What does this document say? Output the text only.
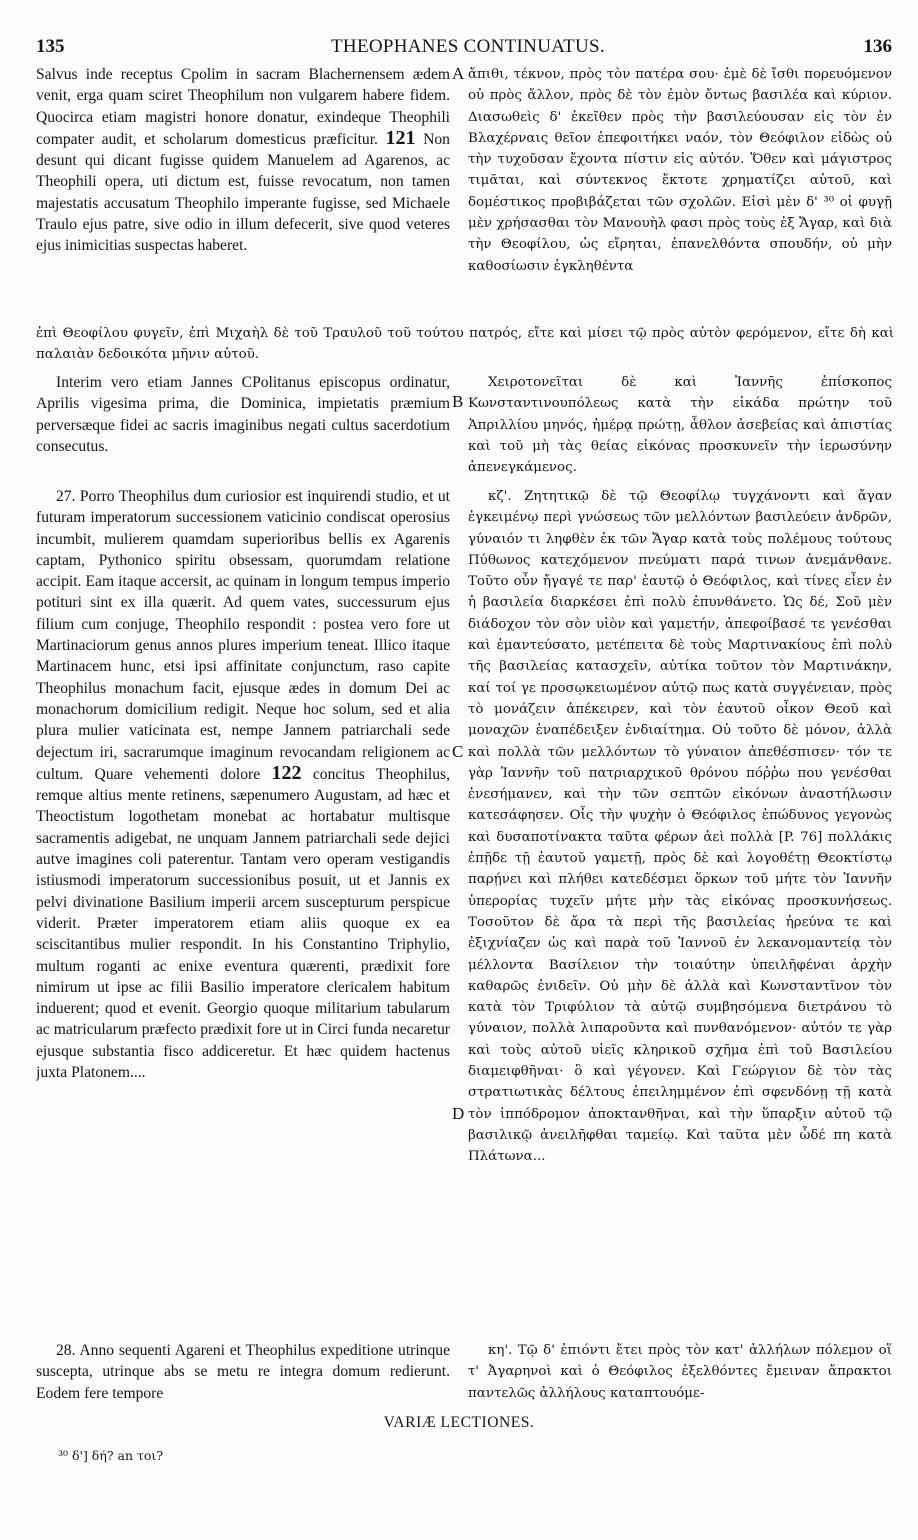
135	THEOPHANES CONTINUATUS.	136

Salvus inde receptus Cpolim in sacram Blachernensem ædem venit, erga quam sciret Theophilum non vulgarem habere fidem. Quocirca etiam magistri honore donatur, exindeque Theophili compater audit, et scholarum domesticus præficitur. 121 Non desunt qui dicant fugisse quidem Manuelem ad Agarenos, ac Theophili opera, uti dictum est, fuisse revocatum, non tamen majestatis accusatum Theophilo imperante fugisse, sed Michaele Traulo ejus patre, sive odio in illum defecerit, sive quod veteres ejus inimicitias suspectas haberet.

ἄπιθι, τέκνον, πρὸς τὸν πατέρα σου· ἐμὲ δὲ ἴσθι πορευόμενον οὐ πρὸς ἄλλον, πρὸς δὲ τὸν ἐμὸν ὄντως βασιλέα καὶ κύριον. Διασωθεὶς δ' ἐκεῖθεν πρὸς τὴν βασιλεύουσαν εἰς τὸν ἐν Βλαχέρναις θεῖον ἐπεφοιτήκει ναόν, τὸν Θεόφιλον εἰδὼς οὐ τὴν τυχοῦσαν ἔχοντα πίστιν εἰς αὐτόν. Ὅθεν καὶ μάγιστρος τιμᾶται, καὶ σύντεκνος ἔκτοτε χρηματίζει αὐτοῦ, καὶ δομέστικος προβιβάζεται τῶν σχολῶν. Εἰσὶ μὲν δ' ³⁰ οἱ φυγῇ μὲν χρήσασθαι τὸν Μανουὴλ φασι πρὸς τοὺς ἐξ Ἄγαρ, καὶ διὰ τὴν Θεοφίλου, ὡς εἴρηται, ἐπανελθόντα σπουδήν, οὐ μὴν καθοσίωσιν ἐγκληθέντα

ἐπὶ Θεοφίλου φυγεῖν, ἐπὶ Μιχαὴλ δὲ τοῦ Τραυλοῦ τοῦ τούτου πατρός, εἴτε καὶ μίσει τῷ πρὸς αὐτὸν φερόμενον, εἴτε δὴ καὶ παλαιὰν δεδοικότα μῆνιν αὐτοῦ.

Interim vero etiam Jannes CPolitanus episcopus ordinatur, Aprilis vigesima prima, die Dominica, impietatis præmium perversæque fidei ac sacris imaginibus negati cultus sacerdotium consecutus.

Χειροτονεῖται δὲ καὶ Ἰαννῆς ἐπίσκοπος Κωνσταντινουπόλεως κατὰ τὴν εἰκάδα πρώτην τοῦ Ἀπριλλίου μηνός, ἡμέρᾳ πρώτῃ, ἆθλον ἀσεβείας καὶ ἀπιστίας καὶ τοῦ μὴ τὰς θείας εἰκόνας προσκυνεῖν τὴν ἱερωσύνην ἀπενεγκάμενος.

27. Porro Theophilus dum curiosior est inquirendi studio, et ut futuram imperatorum successionem vaticinio condiscat operosius incumbit, mulierem quamdam superioribus bellis ex Agarenis captam, Pythonico spiritu obsessam, quorumdam relatione accipit. Eam itaque accersit, ac quinam in longum tempus imperio potituri sint ex illa quærit. Ad quem vates, successurum ejus filium cum conjuge, Theophilo respondit : postea vero fore ut Martinaciorum genus annos plures imperium teneat. Illico itaque Martinacem hunc, etsi ipsi affinitate conjunctum, raso capite Theophilus monachum facit, ejusque ædes in domum Dei ac monachorum domicilium redigit. Neque hoc solum, sed et alia plura mulier vaticinata est, nempe Jannem patriarchali sede dejectum iri, sacrarumque imaginum revocandam religionem ac cultum. Quare vehementi dolore 122 concitus Theophilus, remque altius mente retinens, sæpenumero Augustam, ad hæc et Theoctistum logothetam monebat ac hortabatur multisque sacramentis adigebat, ne unquam Jannem patriarchali sede dejici autve imagines coli paterentur. Tantam vero operam vestigandis istiusmodi imperatorum successionibus posuit, ut et Jannis ex pelvi divinatione Basilium imperii arcem suscepturum perspicue viderit. Præter imperatorem etiam aliis quoque ex ea sciscitantibus mulier respondit. In his Constantino Triphylio, multum roganti ac enixe eventura quærenti, prædixit fore nimirum ut ipse ac filii Basilio imperatore clericalem habitum induerent; quod et evenit. Georgio quoque militarium tabularum ac matricularum præfecto prædixit fore ut in Circi funda necaretur ejusque substantia fisco addiceretur. Et hæc quidem hactenus juxta Platonem....

κζ'. Ζητητικῷ δὲ τῷ Θεοφίλῳ τυγχάνοντι καὶ ἄγαν ἐγκειμένῳ περὶ γνώσεως τῶν μελλόντων βασιλεύειν ἀνδρῶν, γύναιόν τι ληφθὲν ἐκ τῶν Ἄγαρ κατὰ τοὺς πολέμους τούτους Πύθωνος κατεχόμενον πνεύματι παρά τινων ἀνεμάνθανε. Τοῦτο οὖν ἤγαγέ τε παρ' ἑαυτῷ ὁ Θεόφιλος, καὶ τίνες εἶεν ἐν ἡ βασιλεία διαρκέσει ἐπὶ πολὺ ἐπυνθάνετο. Ὡς δέ, Σοῦ μὲν διάδοχον τὸν σὸν υἱὸν καὶ γαμετήν, ἀπεφοίβασέ τε γενέσθαι καὶ ἐμαντεύσατο, μετέπειτα δὲ τοὺς Μαρτινακίους ἐπὶ πολὺ τῆς βασιλείας κατασχεῖν, αὐτίκα τοῦτον τὸν Μαρτινάκην, καί τοί γε προσῳκειωμένον αὐτῷ πως κατὰ συγγένειαν, πρὸς τὸ μονάζειν ἀπέκειρεν, καὶ τὸν ἑαυτοῦ οἶκον Θεοῦ καὶ μοναχῶν ἐναπέδειξεν ἐνδιαίτημα. Οὐ τοῦτο δὲ μόνον, ἀλλὰ καὶ πολλὰ τῶν μελλόντων τὸ γύναιον ἀπεθέσπισεν· τόν τε γὰρ Ἰαννῆν τοῦ πατριαρχικοῦ θρόνου πόῤῥω που γενέσθαι ἐνεσήμανεν, καὶ τὴν τῶν σεπτῶν εἰκόνων ἀναστήλωσιν κατεσάφησεν. Οἷς τὴν ψυχὴν ὁ Θεόφιλος ἐπώδυνος γεγονὼς καὶ δυσαποτίνακτα ταῦτα φέρων ἀεὶ πολλὰ [P. 76] πολλάκις ἐπῇδε τῇ ἑαυτοῦ γαμετῇ, πρὸς δὲ καὶ λογοθέτῃ Θεοκτίστῳ παρῄνει καὶ πλήθει κατεδέσμει ὅρκων τοῦ μήτε τὸν Ἰαννῆν ὑπερορίας τυχεῖν μήτε μὴν τὰς εἰκόνας προσκυνήσεως. Τοσοῦτον δὲ ἄρα τὰ περὶ τῆς βασιλείας ἠρεύνα τε καὶ ἐξιχνίαζεν ὡς καὶ παρὰ τοῦ Ἰαννοῦ ἐν λεκανομαντείᾳ τὸν μέλλοντα Βασίλειον τὴν τοιαύτην ὑπειλῆφέναι ἀρχὴν καθαρῶς ἐνιδεῖν. Οὐ μὴν δὲ ἀλλὰ καὶ Κωνσταντῖνον τὸν κατὰ τὸν Τριφύλιον τὰ αὐτῷ συμβησόμενα διετράνου τὸ γύναιον, πολλὰ λιπαροῦντα καὶ πυνθανόμενον· αὐτόν τε γὰρ καὶ τοὺς αὐτοῦ υἱεῖς κληρικοῦ σχῆμα ἐπὶ τοῦ Βασιλείου διαμειφθῆναι· ὃ καὶ γέγονεν. Καὶ Γεώργιον δὲ τὸν τὰς στρατιωτικὰς δέλτους ἐπειλημμένον ἐπὶ σφενδόνῃ τῇ κατὰ τὸν ἱππόδρομον ἀποκτανθῆναι, καὶ τὴν ὕπαρξιν αὐτοῦ τῷ βασιλικῷ ἀνειλῆφθαι ταμείῳ. Καὶ ταῦτα μὲν ὧδέ πη κατὰ Πλάτωνα...

28. Anno sequenti Agareni et Theophilus expeditione utrinque suscepta, utrinque abs se metu re integra domum redierunt. Eodem fere tempore

κη'. Τῷ δ' ἐπιόντι ἔτει πρὸς τὸν κατ' ἀλλήλων πόλεμον οἵ τ' Ἀγαρηνοὶ καὶ ὁ Θεόφιλος ἐξελθόντες ἔμειναν ἄπρακτοι παντελῶς ἀλλήλους καταπτουόμε-

A
B
C
D
VARIÆ LECTIONES.
³⁰ δ'] δή? an τοι?
